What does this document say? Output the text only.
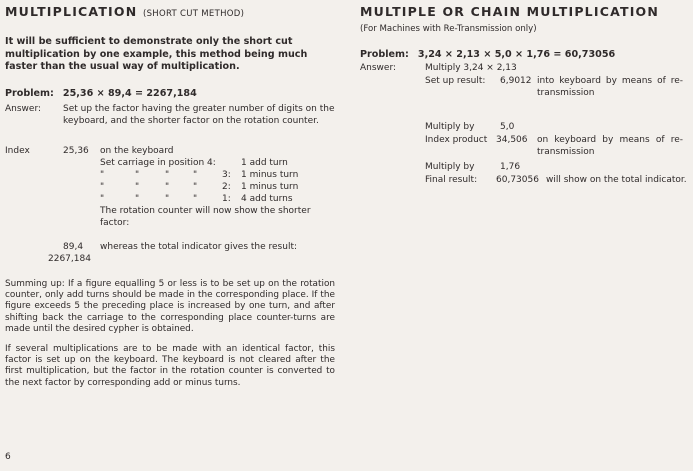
MULTIPLICATION (SHORT CUT METHOD)
It will be sufficient to demonstrate only the short cut multiplication by one example, this method being much faster than the usual way of multiplication.
Problem: 25,36 × 89,4 = 2267,184
Answer: Set up the factor having the greater number of digits on the keyboard, and the shorter factor on the rotation counter.
Index	25,36 on the keyboard
Set carriage in position 4:	1 add turn
"	"	"	"	3: 1 minus turn
"	"	"	"	2: 1 minus turn
"	"	"	"	1: 4 add turns
The rotation counter will now show the shorter factor:
89,4 whereas the total indicator gives the result:
2267,184
Summing up: If a figure equalling 5 or less is to be set up on the rotation counter, only add turns should be made in the corresponding place. If the figure exceeds 5 the preceding place is increased by one turn, and after shifting back the carriage to the corresponding place counter-turns are made until the desired cypher is obtained.
If several multiplications are to be made with an identical factor, this factor is set up on the keyboard. The keyboard is not cleared after the first multiplication, but the factor in the rotation counter is converted to the next factor by corresponding add or minus turns.
6
MULTIPLE OR CHAIN MULTIPLICATION
(For Machines with Re-Transmission only)
Problem: 3,24 × 2,13 × 5,0 × 1,76 = 60,73056
Answer:	Multiply 3,24 × 2,13
Set up result: 6,9012 into keyboard by means of re-transmission
Multiply by	5,0
Index product 34,506 on keyboard by means of re-transmission
Multiply by	1,76
Final result: 60,73056 will show on the total indicator.
